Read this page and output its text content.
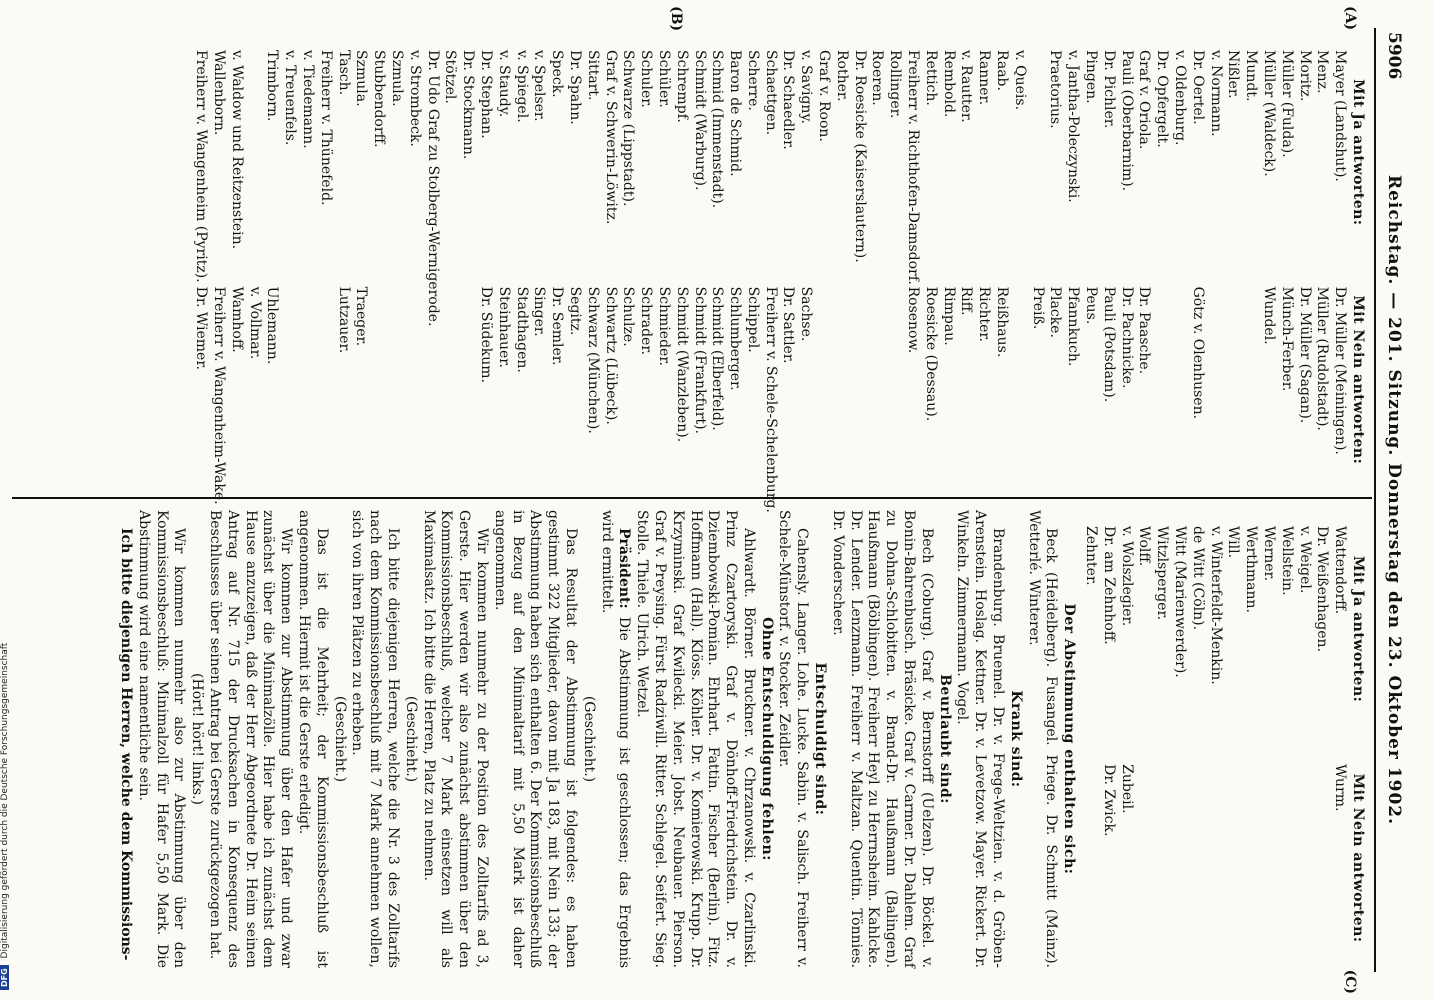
5906
Reichstag. — 201. Sitzung. Donnerstag den 23. Oktober 1902.
(A)
(B)
(C)
Mit Ja antworten:
Mayer (Landshut).
Menz.
Moritz.
Müller (Fulda).
Müller (Waldeck).
Mundt.
Nißler.
v. Normann.
Dr. Oertel.
v. Oldenburg.
Dr. Opfergelt.
Graf v. Oriola.
Pauli (Oberbarnim).
Dr. Pichler.
Pingen.
v. Jantha-Poleczynski.
Praetorius.

v. Queis.
Raab.
Ranner.
v. Rautter.
Rembold.
Rettich.
Freiherr v. Richthofen-Damsdorf.
Rollinger.
Roeren.
Dr. Roesicke (Kaiserslautern).
Rother.
Graf v. Roon.
v. Savigny.
Dr. Schaedler.
Schaettgen.
Scherre.
Baron de Schmid.
Schmid (Immenstadt).
Schmidt (Warburg).
Schrempf.
Schüler.
Schuler.
Schwarze (Lippstadt).
Graf v. Schwerin-Löwitz.
Sittart.
Dr. Spahn.
Speck.
v. Spelser.
v. Spiegel.
v. Staudy.
Dr. Stephan.
Dr. Stockmann.
Stötzel.
Dr. Udo Graf zu Stolberg-Wernigerode.
v. Strombeck.
Szmula.
Stubbendorff.
Szmula.
Tasch.
Freiherr v. Thünefeld.
v. Tiedemann.
v. Treuenfels.
Trimborn.

v. Waldow und Reitzenstein.
Wallenborn.
Freiherr v. Wangenheim (Pyritz).
Mit Nein antworten:
Dr. Müller (Meiningen).
Müller (Rudolstadt).
Dr. Müller (Sagan).
Münch-Ferber.
Wundel.

Götz v. Olenhusen.

Dr. Paasche.
Dr. Pachnicke.
Pauli (Potsdam).
Peus.
Pfannkuch.
Placke.
Preiß.

Reißhaus.
Richter.
Riff.
Rimpau.
Roesicke (Dessau).
Rosenow.

Sachse.
Dr. Sattler.
Freiherr v. Schele-Schelenburg.
Schippel.
Schlumberger.
Schmidt (Elberfeld).
Schmidt (Frankfurt).
Schmidt (Wanzleben).
Schmieder.
Schrader.
Schulze.
Schwartz (Lübeck).
Schwarz (München).
Segitz.
Dr. Semler.
Singer.
Stadthagen.
Steinhauer.
Dr. Südekum.

Traeger.
Lutzauer.

Uhlemann.
v. Vollmar.
Wamhoff.
Freiherr v. Wangenheim-Wake.
Dr. Wiemer.
Mit Ja antworten:
Wattendorff.
Dr. Weißenhagen.
v. Weigel.
Wellstein.
Werner.
Werthmann.
Will.
v. Winterfeldt-Menkin.
de Witt (Cöln).
Witt (Marienwerder).
Witzlsperger.
Wolff.
v. Wolszlegier.
Dr. am Zehnhoff.
Zehnter.
Mit Nein antworten:
Wurm.

Zubeil.
Dr. Zwick.

Der Abstimmung enthalten sich:

Beck (Heidelberg). Fusangel. Priege. Dr. Schmitt (Mainz). Wetterlé. Winterer.

Krank sind:

Brandenburg. Bruemel. Dr. v. Frege-Weltzien. v. d. Gröben-Arenstein. Hoslag. Kettner. Dr. v. Levetzow. Mayer. Rickert. Dr. Winkeln. Zimmermann. Vogel.

Beurlaubt sind:

Bech (Coburg). Graf v. Bernstorff (Uelzen). Dr. Böckel. v. Bonin-Bahrenbusch. Bräsicke. Graf v. Carmer. Dr. Dahlem. Graf zu Dohna-Schlobitten. v. Brand-Dr. Haußmann (Balingen). Haußmann (Böblingen). Freiherr Heyl zu Herrnsheim. Kahlcke. Dr. Lender. Lenzmann. Freiherr v. Maltzan. Quentin. Tönnies. Dr. Vonderscheer.

Entschuldigt sind:

Cahensly. Langer. Lohe. Lucke. Sabin. v. Salisch. Freiherr v. Schele-Münstorf. v. Stocker. Zeidler.

Ohne Entschuldigung fehlen:

Ahlwardt. Börner. Bruckner. v. Chrzanowski. v. Czarlinski. Prinz Czartoryski. Graf v. Dönhoff-Friedrichstein. Dr. v. Dziembowski-Pomian. Ehrhart. Fattin. Fischer (Berlin). Fitz. Hoffmann (Hall). Klöss. Köhler. Dr. v. Komierowski. Krupp. Dr. Krzyminski. Graf Kwilecki. Meier. Jobst. Neubauer. Pierson. Graf v. Preysing. Fürst Radziwill. Ritter. Schlegel. Seifert. Sieg. Stolle. Thiele. Ulrich. Wetzel.

Präsident: Die Abstimmung ist geschlossen; das Ergebnis wird ermittelt.

(Geschieht.)

Das Resultat der Abstimmung ist folgendes: es haben gestimmt 322 Mitglieder, davon mit Ja 183, mit Nein 133; der Abstimmung haben sich enthalten 6. Der Kommissionsbeschluß in Bezug auf den Minimaltarif mit 5,50 Mark ist daher angenommen.

Wir kommen nunmehr zu der Position des Zolltarifs ad 3, Gerste. Hier werden wir also zunächst abstimmen über den Kommissionsbeschluß, welcher 7 Mark einsetzen will als Maximalsatz. Ich bitte die Herren, Platz zu nehmen.

(Geschieht.)

Ich bitte diejenigen Herren, welche die Nr. 3 des Zolltarifs nach dem Kommissionsbeschluß mit 7 Mark annehmen wollen, sich von ihren Plätzen zu erheben.

(Geschieht.)

Das ist die Mehrheit; der Kommissionsbeschluß ist angenommen. Hiermit ist die Gerste erledigt.

Wir kommen zur Abstimmung über den Hafer und zwar zunächst über die Minimalzölle. Hier habe ich zunächst dem Hause anzuzeigen, daß der Herr Abgeordnete Dr. Heim seinen Antrag auf Nr. 715 der Drucksachen in Konsequenz des Beschlusses über seinen Antrag bei Gerste zurückgezogen hat.

(Hört! hört! links.)

Wir kommen nunmehr also zur Abstimmung über den Kommissionsbeschluß: Minimalzoll für Hafer 5,50 Mark. Die Abstimmung wird eine namentliche sein.

Ich bitte diejenigen Herren, welche dem Kommissions-

DFG Digitalisierung gefördert durch die Deutsche Forschungsgemeinschaft
